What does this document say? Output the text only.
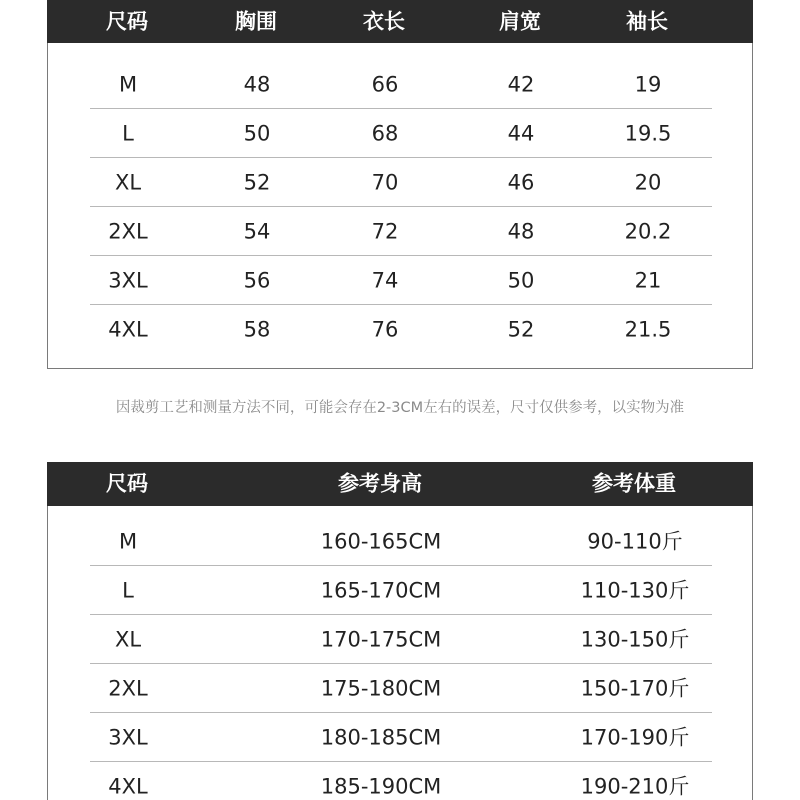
尺码	胸围	衣长	肩宽	袖长
M	48	66	42	19
L	50	68	44	19.5
XL	52	70	46	20
2XL	54	72	48	20.2
3XL	56	74	50	21
4XL	58	76	52	21.5
因裁剪工艺和测量方法不同，可能会存在2-3CM左右的误差，尺寸仅供参考，以实物为准
尺码	参考身高	参考体重
M	160-165CM	90-110斤
L	165-170CM	110-130斤
XL	170-175CM	130-150斤
2XL	175-180CM	150-170斤
3XL	180-185CM	170-190斤
4XL	185-190CM	190-210斤
